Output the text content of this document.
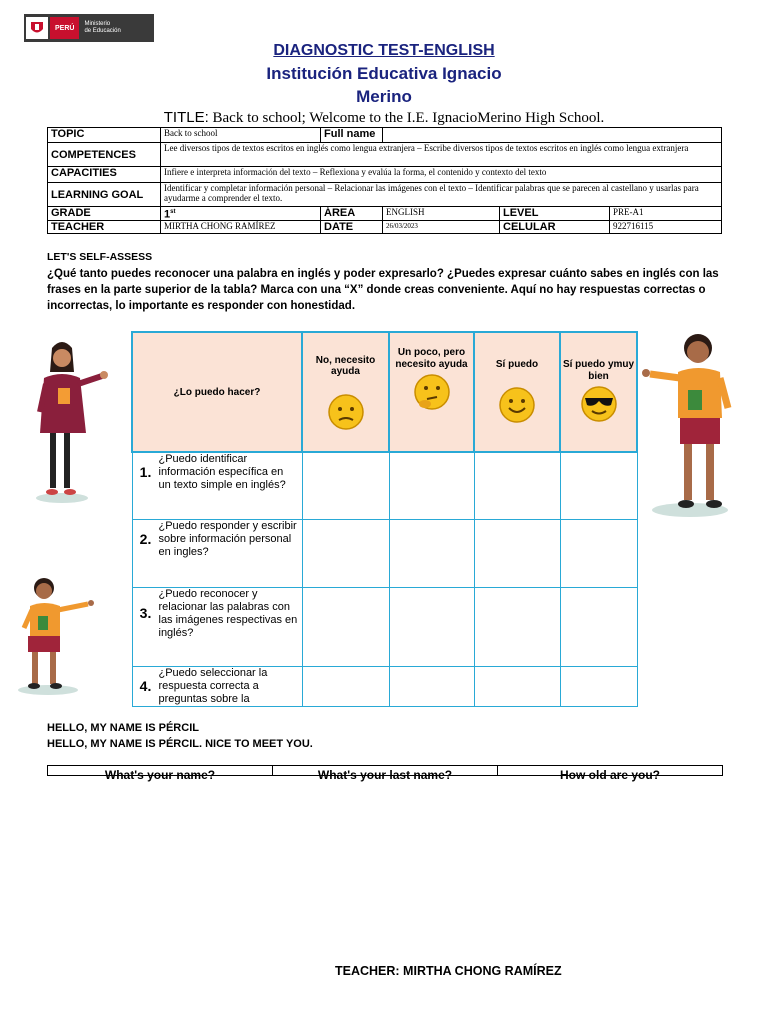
PERÚ
Ministerio
de Educación
DIAGNOSTIC TEST-ENGLISH
Institución Educativa Ignacio
Merino
TITLE: Back to school; Welcome to the I.E. IgnacioMerino High School.
TOPIC	Back to school	Full name			
COMPETENCES	Lee diversos tipos de textos escritos en inglés como lengua extranjera – Escribe diversos tipos de textos escritos en inglés como lengua extranjera				
CAPACITIES	Infiere e interpreta información del texto – Reflexiona y evalúa la forma, el contenido y contexto del texto				
LEARNING GOAL	Identificar y completar información personal – Relacionar las imágenes con el texto – Identificar palabras que se parecen al castellano y usarlas para ayudarme a comprender el texto.				
GRADE	1st	ÁREA	ENGLISH	LEVEL	PRE-A1
TEACHER	MIRTHA CHONG RAMÍREZ	DATE	26/03/2023	CELULAR	922716115
LET'S SELF-ASSESS
¿Qué tanto puedes reconocer una palabra en inglés y poder expresarlo? ¿Puedes expresar cuánto sabes en inglés con las frases en la parte superior de la tabla? Marca con una “X” donde creas conveniente. Aquí no hay respuestas correctas o incorrectas, lo importante es responder con honestidad.
¿Lo puedo hacer?	No, necesito ayuda	Un poco, pero necesito ayuda	Sí puedo	Sí puedo ymuy bien

1.¿Puedo identificar información específica en un texto simple en inglés?				
2.¿Puedo responder y escribir sobre información personal en ingles?				
3.¿Puedo reconocer y relacionar las palabras con las imágenes respectivas en inglés?				

4.¿Puedo seleccionar la respuesta correcta a preguntas sobre la				

HELLO, MY NAME IS PÉRCIL
HELLO, MY NAME IS PÉRCIL. NICE TO MEET YOU.
What's your name?	What's your last name?	How old are you?
TEACHER: MIRTHA CHONG RAMÍREZ
